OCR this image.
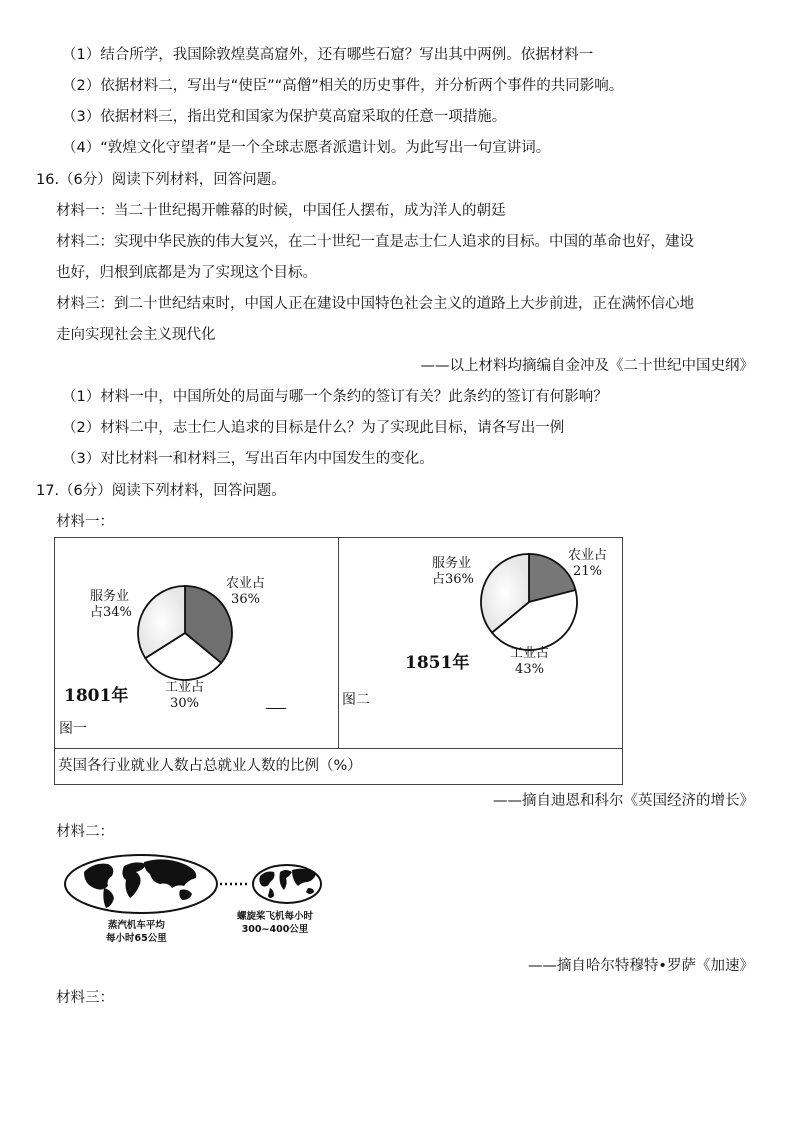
（1）结合所学，我国除敦煌莫高窟外，还有哪些石窟？写出其中两例。依据材料一
（2）依据材料二，写出与“使臣”“高僧”相关的历史事件，并分析两个事件的共同影响。
（3）依据材料三，指出党和国家为保护莫高窟采取的任意一项措施。
（4）“敦煌文化守望者”是一个全球志愿者派遣计划。为此写出一句宣讲词。
16.（6分）阅读下列材料，回答问题。
材料一：当二十世纪揭开帷幕的时候，中国任人摆布，成为洋人的朝廷
材料二：实现中华民族的伟大复兴，在二十世纪一直是志士仁人追求的目标。中国的革命也好，建设
也好，归根到底都是为了实现这个目标。
材料三：到二十世纪结束时，中国人正在建设中国特色社会主义的道路上大步前进，正在满怀信心地
走向实现社会主义现代化
——以上材料均摘编自金冲及《二十世纪中国史纲》
（1）材料一中，中国所处的局面与哪一个条约的签订有关？此条约的签订有何影响？
（2）材料二中，志士仁人追求的目标是什么？为了实现此目标，请各写出一例
（3）对比材料一和材料三，写出百年内中国发生的变化。
17.（6分）阅读下列材料，回答问题。
材料一：
农业占
36%
服务业
占34%
工业占
30%
1801年
图一
农业占
21%
服务业
占36%
工业占
43%
1851年
图二
英国各行业就业人数占总就业人数的比例（%）
——摘自迪恩和科尔《英国经济的增长》
材料二：
蒸汽机车平均
每小时65公里
螺旋桨飞机每小时
300~400公里
——摘自哈尔特穆特•罗萨《加速》
材料三：
